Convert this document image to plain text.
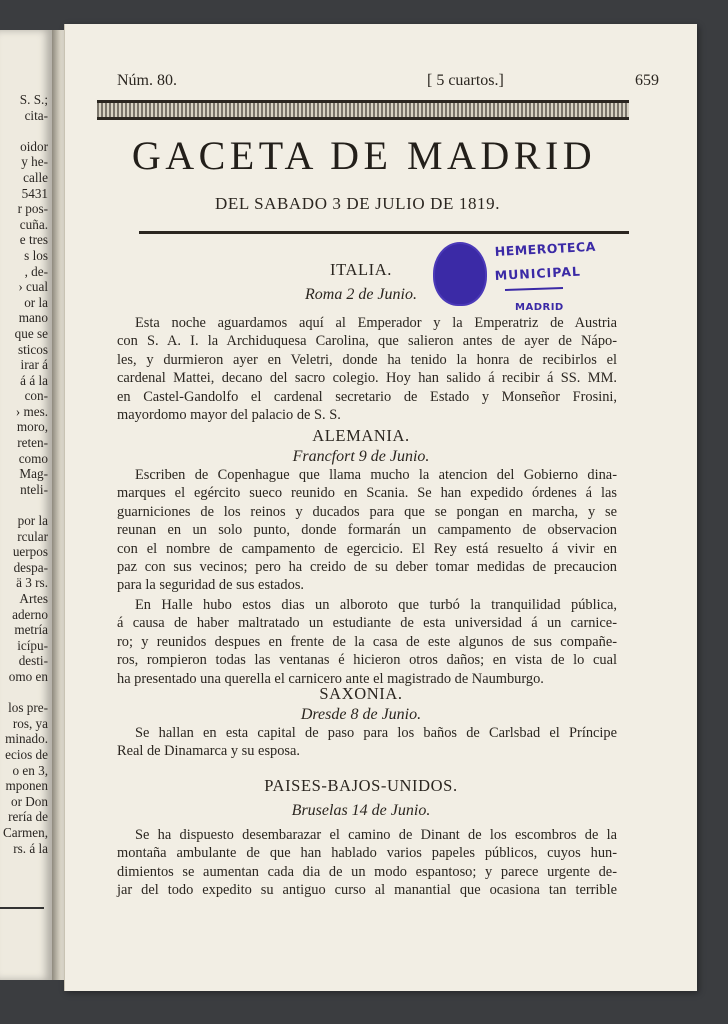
S. S.;
cita-

oidor
y he-
calle
5431
r pos-
cuña.
e tres
s los
, de-
› cual
or la
mano
que se
sticos
irar á
á á la
con-
› mes.
moro,
reten-
como
Mag-
nteli-

por la
rcular
uerpos
despa-
ä 3 rs.
Artes
aderno
metría
icípu-
desti-
omo en

los pre-
ros, ya
minado.
ecios de
o en 3,
mponen
or Don
rería de
Carmen,
rs. á la
Núm. 80.	[ 5 cuartos.]	659
GACETA DE MADRID
DEL SABADO 3 DE JULIO DE 1819.
HEMEROTECA
MUNICIPAL
MADRID
ITALIA.
Roma 2 de Junio.
Esta noche aguardamos aquí al Emperador y la Emperatriz de Austria
con S. A. I. la Archiduquesa Carolina, que salieron antes de ayer de Nápo-
les, y durmieron ayer en Veletri, donde ha tenido la honra de recibirlos el
cardenal Mattei, decano del sacro colegio. Hoy han salido á recibir á SS. MM.
en Castel-Gandolfo el cardenal secretario de Estado y Monseñor Frosini,
mayordomo mayor del palacio de S. S.
ALEMANIA.
Francfort 9 de Junio.
Escriben de Copenhague que llama mucho la atencion del Gobierno dina-
marques el egército sueco reunido en Scania. Se han expedido órdenes á las
guarniciones de los reinos y ducados para que se pongan en marcha, y se
reunan en un solo punto, donde formarán un campamento de observacion
con el nombre de campamento de egercicio. El Rey está resuelto á vivir en
paz con sus vecinos; pero ha creido de su deber tomar medidas de precaucion
para la seguridad de sus estados.
En Halle hubo estos dias un alboroto que turbó la tranquilidad pública,
á causa de haber maltratado un estudiante de esta universidad á un carnice-
ro; y reunidos despues en frente de la casa de este algunos de sus compañe-
ros, rompieron todas las ventanas é hicieron otros daños; en vista de lo cual
ha presentado una querella el carnicero ante el magistrado de Naumburgo.
SAXONIA.
Dresde 8 de Junio.
Se hallan en esta capital de paso para los baños de Carlsbad el Príncipe
Real de Dinamarca y su esposa.
PAISES-BAJOS-UNIDOS.
Bruselas 14 de Junio.
Se ha dispuesto desembarazar el camino de Dinant de los escombros de la
montaña ambulante de que han hablado varios papeles públicos, cuyos hun-
dimientos se aumentan cada dia de un modo espantoso; y parece urgente de-
jar del todo expedito su antiguo curso al manantial que ocasiona tan terrible
